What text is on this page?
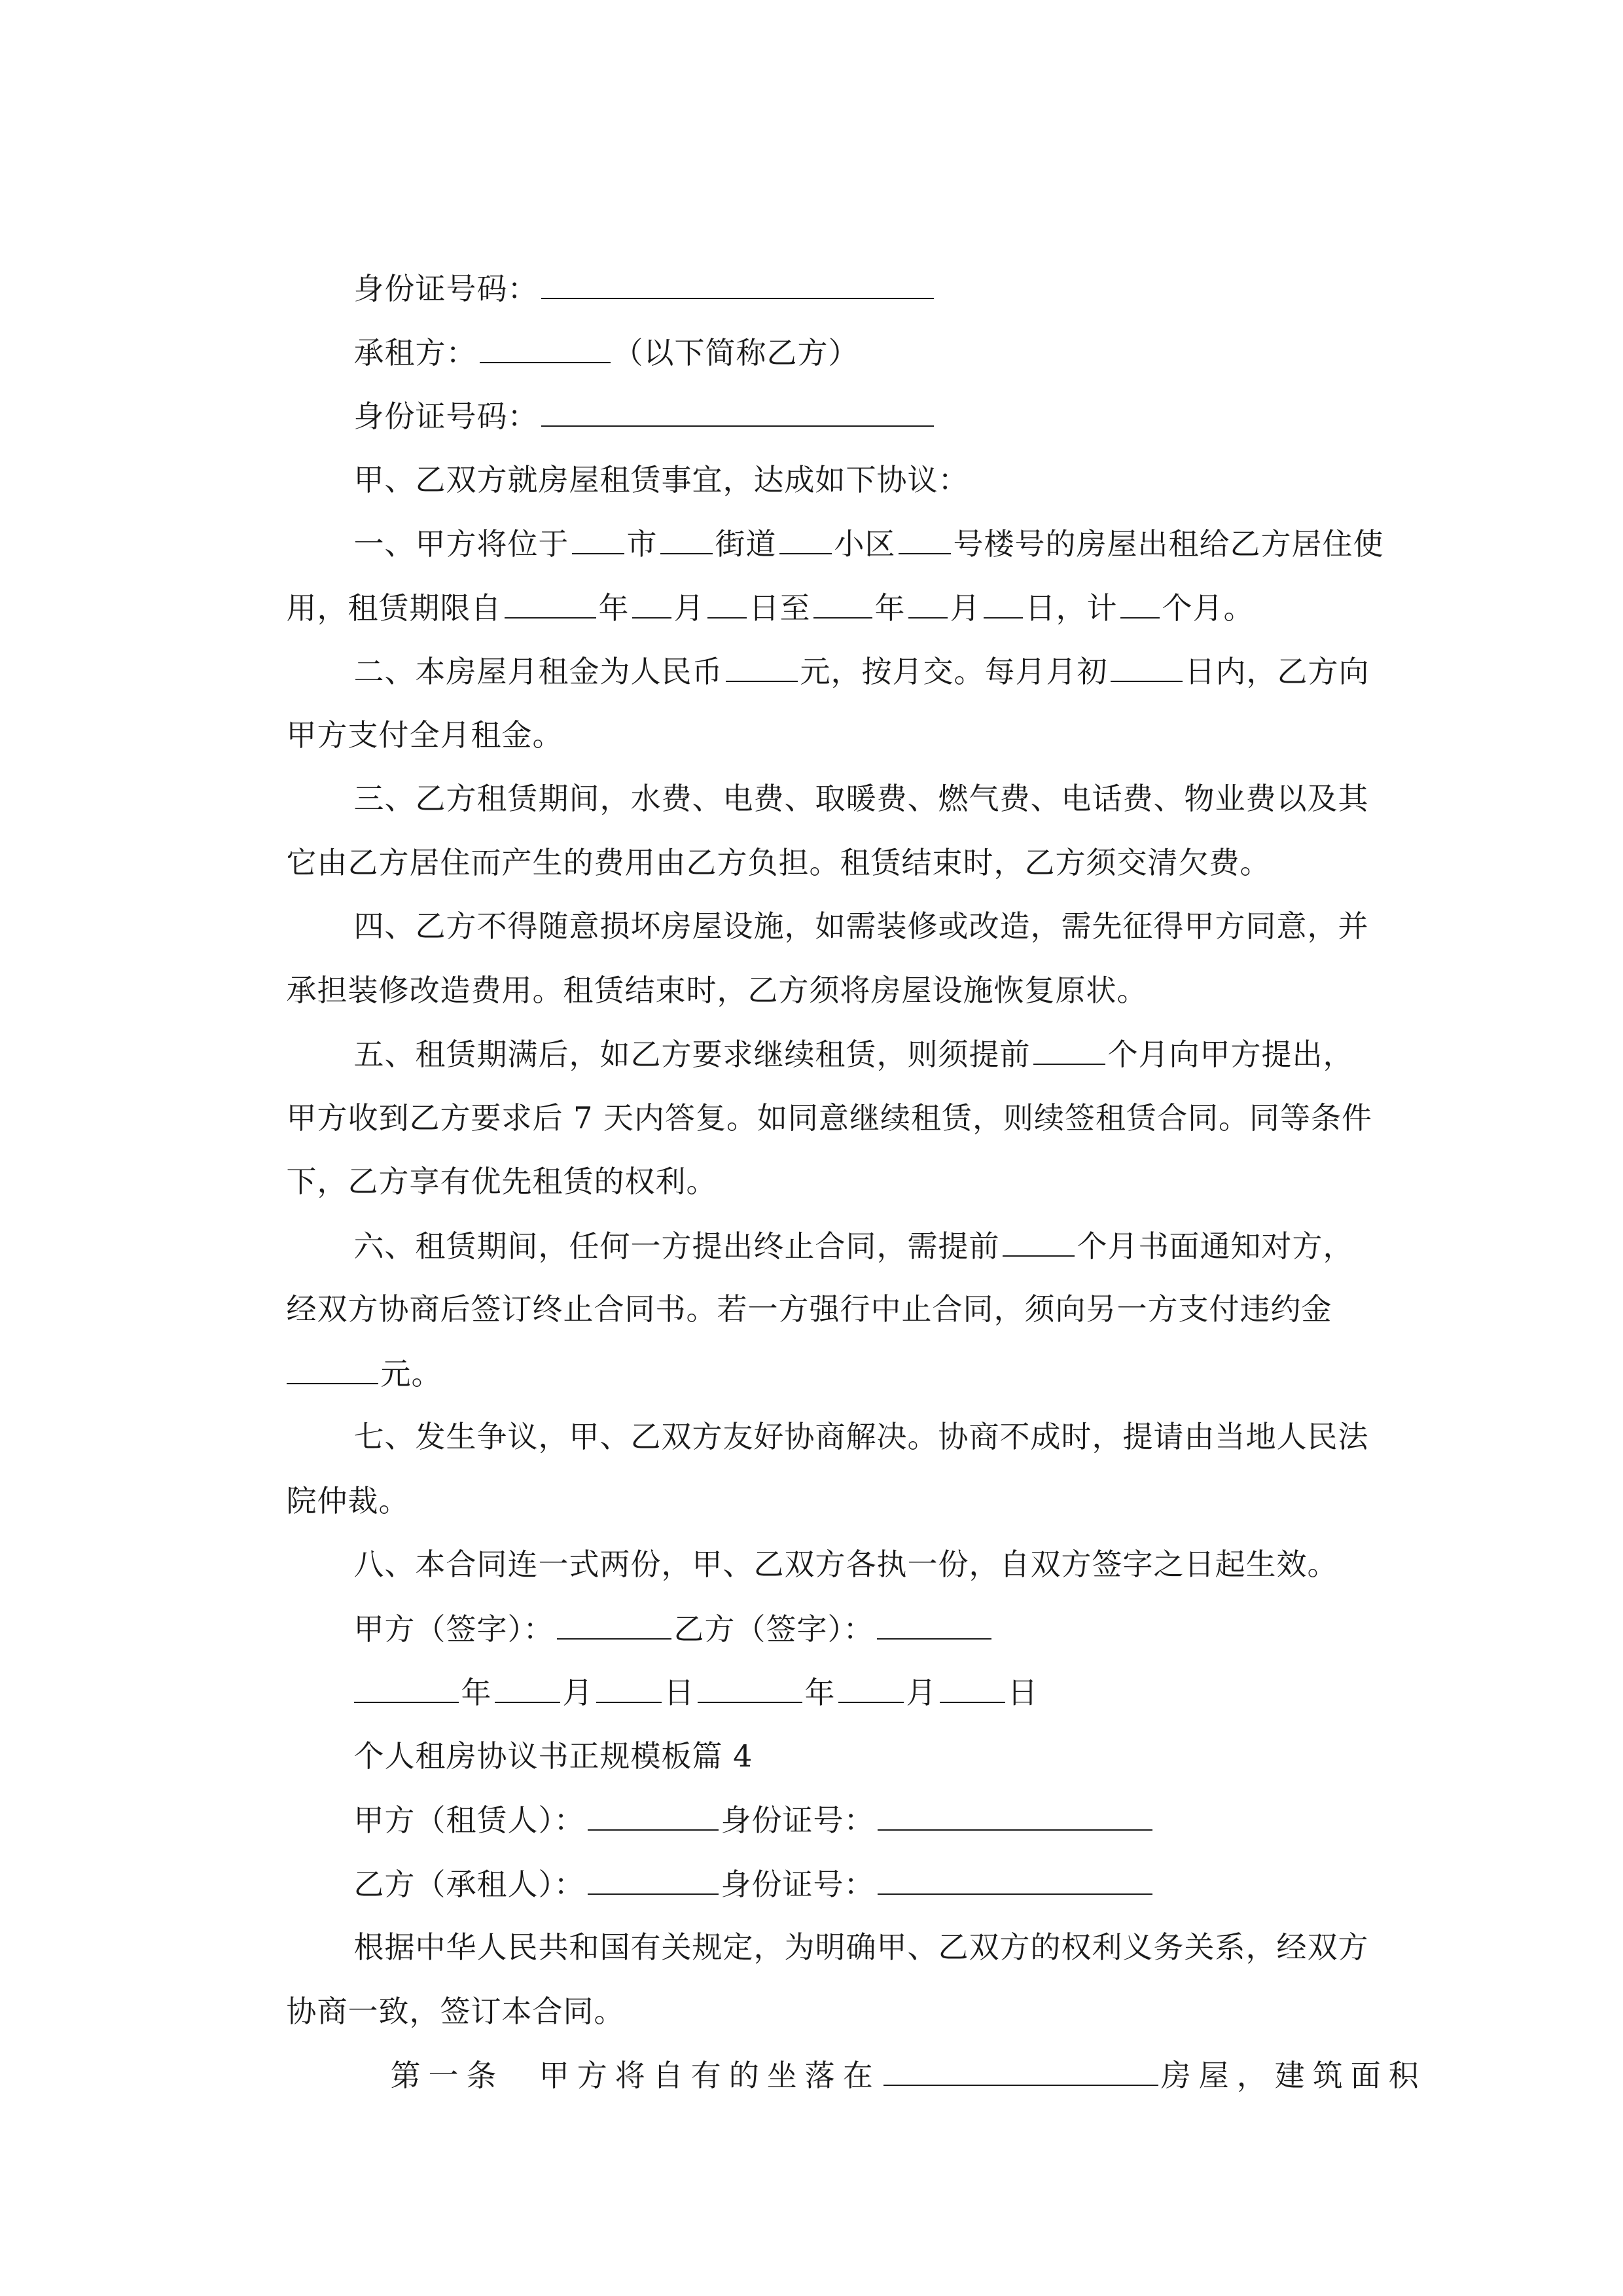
身份证号码：

承租方：	（以下简称乙方）

身份证号码：

甲、乙双方就房屋租赁事宜，达成如下协议：

一、甲方将位于 市 街道 小区 号楼号的房屋出租给乙方居住使

用，租赁期限自	年 月 日至 年 月 日，计 个月。

二、本房屋月租金为人民币	元，按月交。每月月初	日内，乙方向

甲方支付全月租金。

三、乙方租赁期间，水费、电费、取暖费、燃气费、电话费、物业费以及其

它由乙方居住而产生的费用由乙方负担。租赁结束时，乙方须交清欠费。

四、乙方不得随意损坏房屋设施，如需装修或改造，需先征得甲方同意，并

承担装修改造费用。租赁结束时，乙方须将房屋设施恢复原状。

五、租赁期满后，如乙方要求继续租赁，则须提前	个月向甲方提出，

甲方收到乙方要求后 7 天内答复。如同意继续租赁，则续签租赁合同。同等条件

下，乙方享有优先租赁的权利。

六、租赁期间，任何一方提出终止合同，需提前	个月书面通知对方，

经双方协商后签订终止合同书。若一方强行中止合同，须向另一方支付违约金

元。

七、发生争议，甲、乙双方友好协商解决。协商不成时，提请由当地人民法

院仲裁。

八、本合同连一式两份，甲、乙双方各执一份，自双方签字之日起生效。

甲方（签字）：	乙方（签字）：

年 月 日	年 月 日

个人租房协议书正规模板篇 4

甲方（租赁人）：	身份证号：

乙方（承租人）：	身份证号：

根据中华人民共和国有关规定，为明确甲、乙双方的权利义务关系，经双方

协商一致，签订本合同。

第一条  甲方将自有的坐落在	房屋，建筑面积
